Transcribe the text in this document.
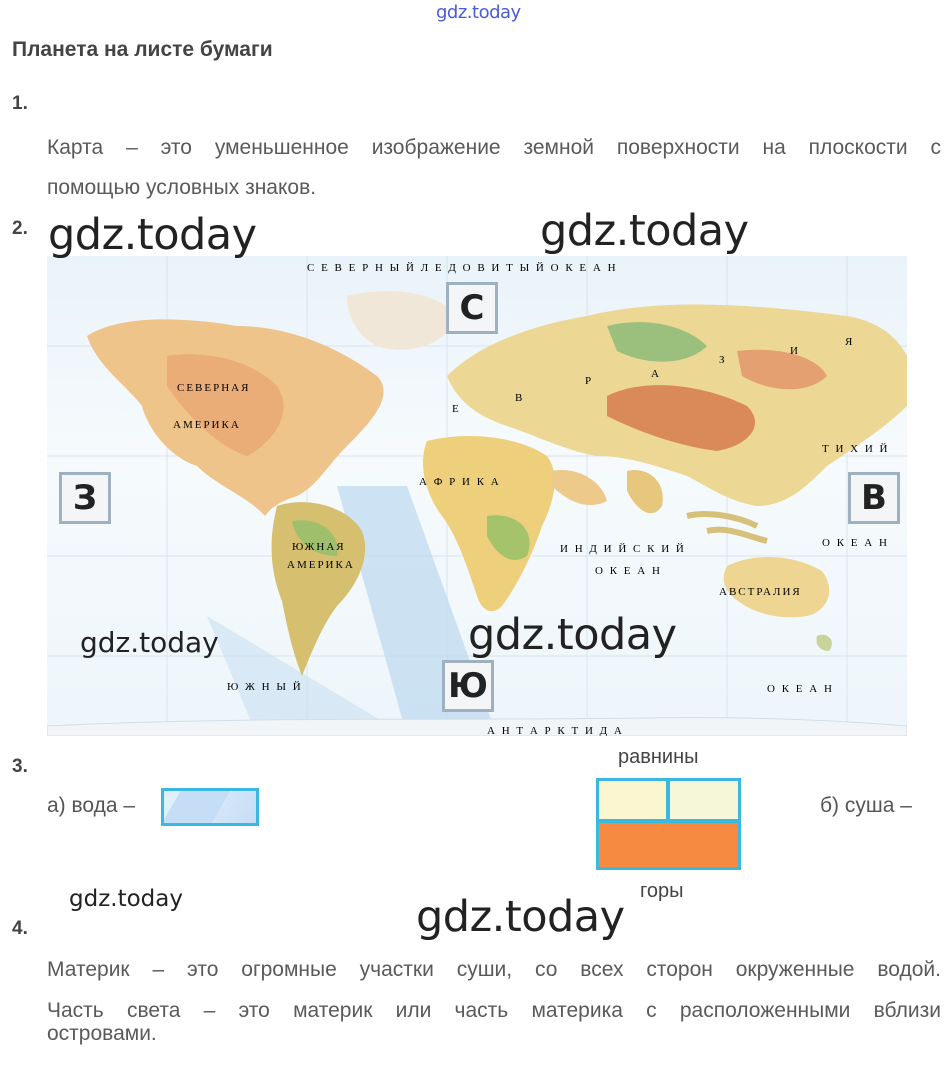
gdz.today
Планета на листе бумаги
1.
Карта – это уменьшенное изображение земной поверхности на плоскости с
помощью условных знаков.
2.
С Е В Е Р Н Ы Й Л Е Д О В И Т Ы Й О К Е А Н
СЕВЕРНАЯ
АМЕРИКА
ЮЖНАЯ
АМЕРИКА
А Ф Р И К А
Е
В
Р
А
З
И
Я
И Н Д И Й С К И Й
О К Е А Н
АВСТРАЛИЯ
Т И Х И Й
О К Е А Н
О К Е А Н
А Н Т А Р К Т И Д А
Ю Ж Н Ы Й
С
З	В
Ю
gdz.today	gdz.today
gdz.today	gdz.today
3.
а) вода –
равнины
горы
б) суша –
gdz.today	gdz.today
4.
Материк – это огромные участки суши, со всех сторон окруженные водой.
Часть света – это материк или часть материка с расположенными вблизи
островами.
